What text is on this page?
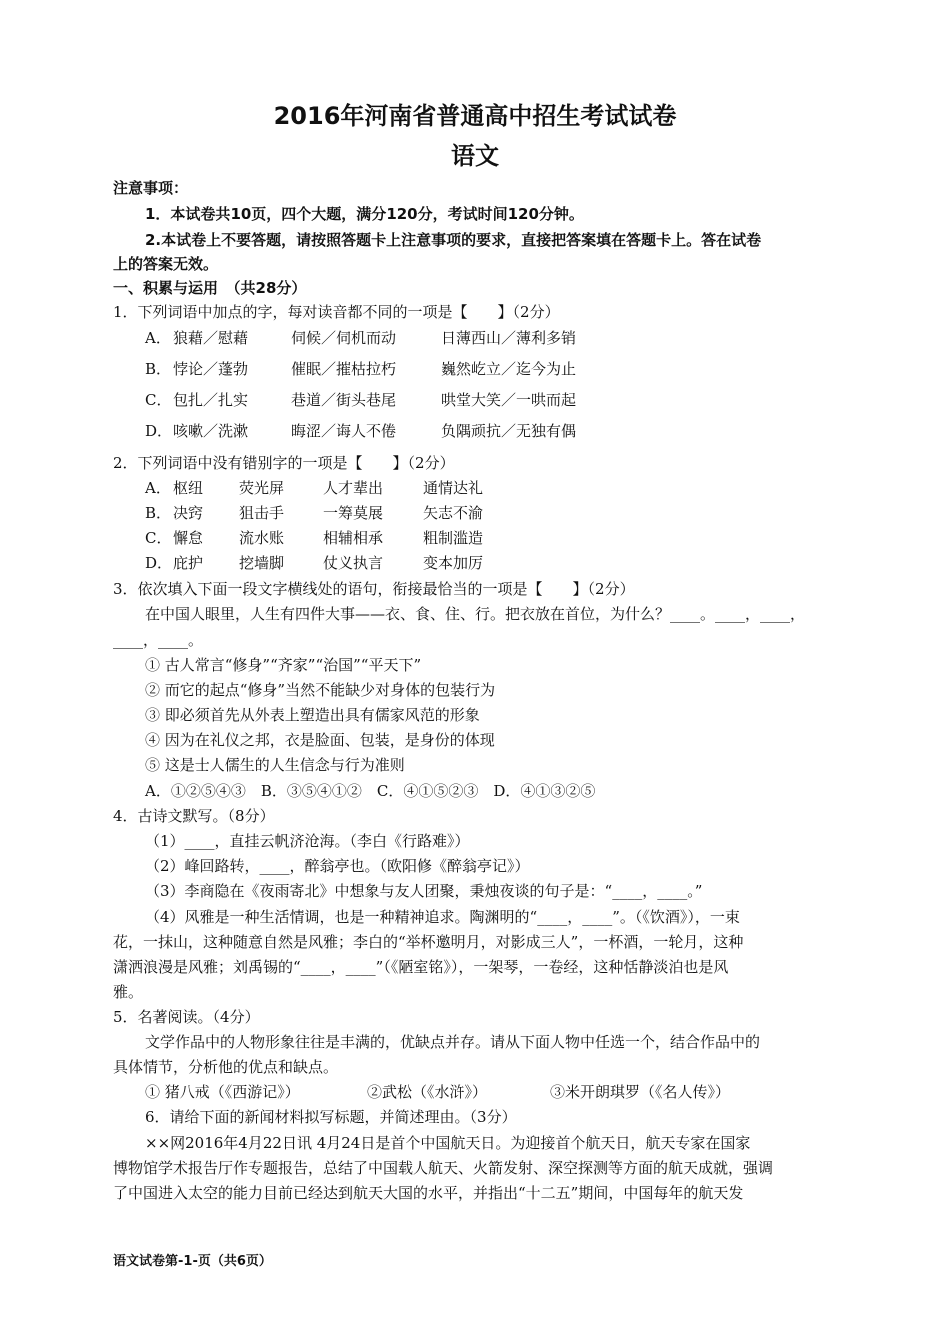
2016年河南省普通高中招生考试试卷
语文
注意事项：
1．本试卷共10页，四个大题，满分120分，考试时间120分钟。
2.本试卷上不要答题，请按照答题卡上注意事项的要求，直接把答案填在答题卡上。答在试卷
上的答案无效。
一、积累与运用　（共28分）
1．下列词语中加点的字，每对读音都不同的一项是【　　】（2分）
A． 狼藉／慰藉	伺候／伺机而动	日薄西山／薄利多销
B． 悖论／蓬勃	催眠／摧枯拉朽	巍然屹立／迄今为止
C． 包扎／扎实	巷道／街头巷尾	哄堂大笑／一哄而起
D．咳嗽／洗漱	晦涩／诲人不倦	负隅顽抗／无独有偶
2．下列词语中没有错别字的一项是【　　】（2分）
A． 枢纽 荧光屏	人才辈出	通情达礼
B． 决窍 狙击手	一筹莫展	矢志不渝
C． 懈怠 流水账	相辅相承	粗制滥造
D．庇护 挖墙脚	仗义执言	变本加厉
3．依次填入下面一段文字横线处的语句，衔接最恰当的一项是【　　】（2分）
在中国人眼里，人生有四件大事——衣、食、住、行。把衣放在首位，为什么？____。____，____，
____，____。
① 古人常言“修身”“齐家”“治国”“平天下”
② 而它的起点“修身”当然不能缺少对身体的包装行为
③ 即必须首先从外表上塑造出具有儒家风范的形象
④ 因为在礼仪之邦，衣是脸面、包装，是身份的体现
⑤ 这是士人儒生的人生信念与行为准则
A．①②⑤④③　B．③⑤④①②　C．④①⑤②③　D．④①③②⑤
4．古诗文默写。（8分）
（1）____，直挂云帆济沧海。（李白《行路难》）
（2）峰回路转，____，醉翁亭也。（欧阳修《醉翁亭记》）
（3）李商隐在《夜雨寄北》中想象与友人团聚，秉烛夜谈的句子是：“____，____。”
（4）风雅是一种生活情调，也是一种精神追求。陶渊明的“____，____”。（《饮酒》），一束
花，一抹山，这种随意自然是风雅；李白的“举杯邀明月，对影成三人”，一杯酒，一轮月，这种
潇洒浪漫是风雅；刘禹锡的“____，____”（《陋室铭》），一架琴，一卷经，这种恬静淡泊也是风
雅。
5．名著阅读。（4分）
文学作品中的人物形象往往是丰满的，优缺点并存。请从下面人物中任选一个，结合作品中的
具体情节，分析他的优点和缺点。
① 猪八戒（《西游记》）	②武松（《水浒》）	③米开朗琪罗（《名人传》）
6．请给下面的新闻材料拟写标题，并简述理由。（3分）
××网2016年4月22日讯 4月24日是首个中国航天日。为迎接首个航天日，航天专家在国家
博物馆学术报告厅作专题报告，总结了中国载人航天、火箭发射、深空探测等方面的航天成就，强调
了中国进入太空的能力目前已经达到航天大国的水平，并指出“十二五”期间，中国每年的航天发
语文试卷第-1-页（共6页）
